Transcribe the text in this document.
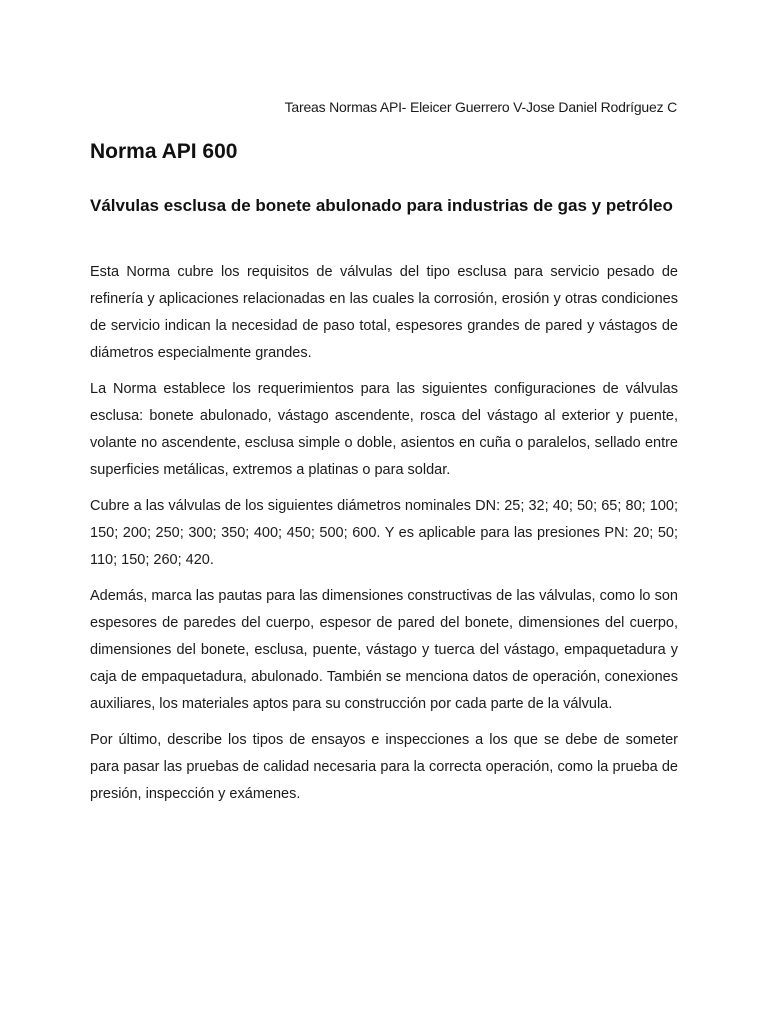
Tareas Normas API- Eleicer Guerrero V-Jose Daniel Rodríguez C
Norma API 600
Válvulas esclusa de bonete abulonado para industrias de gas y petróleo

Esta Norma cubre los requisitos de válvulas del tipo esclusa para servicio pesado de refinería y aplicaciones relacionadas en las cuales la corrosión, erosión y otras condiciones de servicio indican la necesidad de paso total, espesores grandes de pared y vástagos de diámetros especialmente grandes.

La Norma establece los requerimientos para las siguientes configuraciones de válvulas esclusa: bonete abulonado, vástago ascendente, rosca del vástago al exterior y puente, volante no ascendente, esclusa simple o doble, asientos en cuña o paralelos, sellado entre superficies metálicas, extremos a platinas o para soldar.

Cubre a las válvulas de los siguientes diámetros nominales DN: 25; 32; 40; 50; 65; 80; 100; 150; 200; 250; 300; 350; 400; 450; 500; 600. Y es aplicable para las presiones PN: 20; 50; 110; 150; 260; 420.

Además, marca las pautas para las dimensiones constructivas de las válvulas, como lo son espesores de paredes del cuerpo, espesor de pared del bonete, dimensiones del cuerpo, dimensiones del bonete, esclusa, puente, vástago y tuerca del vástago, empaquetadura y caja de empaquetadura, abulonado. También se menciona datos de operación, conexiones auxiliares, los materiales aptos para su construcción por cada parte de la válvula.

Por último, describe los tipos de ensayos e inspecciones a los que se debe de someter para pasar las pruebas de calidad necesaria para la correcta operación, como la prueba de presión, inspección y exámenes.
